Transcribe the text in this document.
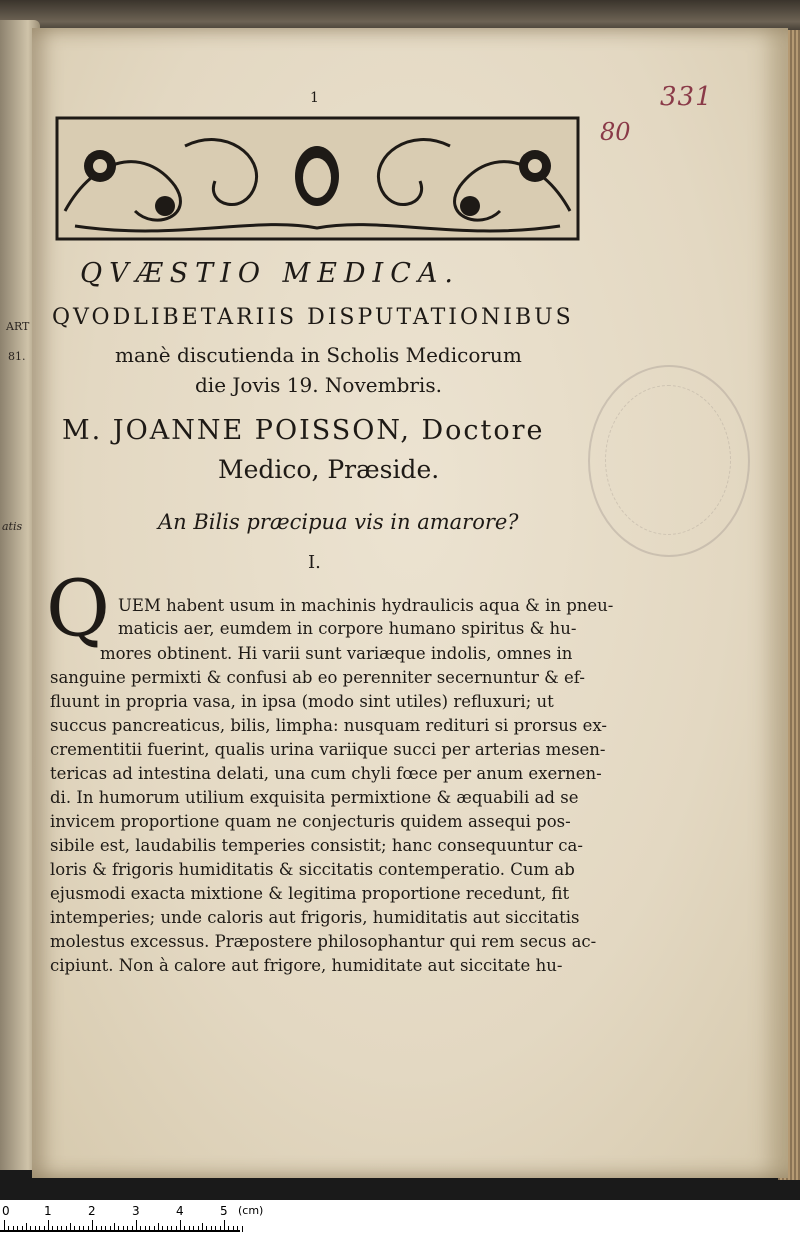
ART
81.
atis
1	331
80
QVÆSTIO MEDICA.
QVODLIBETARIIS DISPUTATIONIBUS
manè discutienda in Scholis Medicorum
die Jovis 19. Novembris.
M. JOANNE POISSON, Doctore
Medico, Præside.
An Bilis præcipua vis in amarore?
I.
Q UEM habent usum in machinis hydraulicis aqua & in pneu-
maticis aer, eumdem in corpore humano spiritus & hu-
mores obtinent. Hi varii sunt variæque indolis, omnes in
sanguine permixti & confusi ab eo perenniter secernuntur & ef-
fluunt in propria vasa, in ipsa (modo sint utiles) refluxuri; ut
succus pancreaticus, bilis, limpha: nusquam redituri si prorsus ex-
crementitii fuerint, qualis urina variique succi per arterias mesen-
tericas ad intestina delati, una cum chyli fœce per anum exernen-
di. In humorum utilium exquisita permixtione & æquabili ad se
invicem proportione quam ne conjecturis quidem assequi pos-
sibile est, laudabilis temperies consistit; hanc consequuntur ca-
loris & frigoris humiditatis & siccitatis contemperatio. Cum ab
ejusmodi exacta mixtione & legitima proportione recedunt, fit
intemperies; unde caloris aut frigoris, humiditatis aut siccitatis
molestus excessus. Præpostere philosophantur qui rem secus ac-
cipiunt. Non à calore aut frigore, humiditate aut siccitate hu-
0	1	2	3	4	5 (cm)
